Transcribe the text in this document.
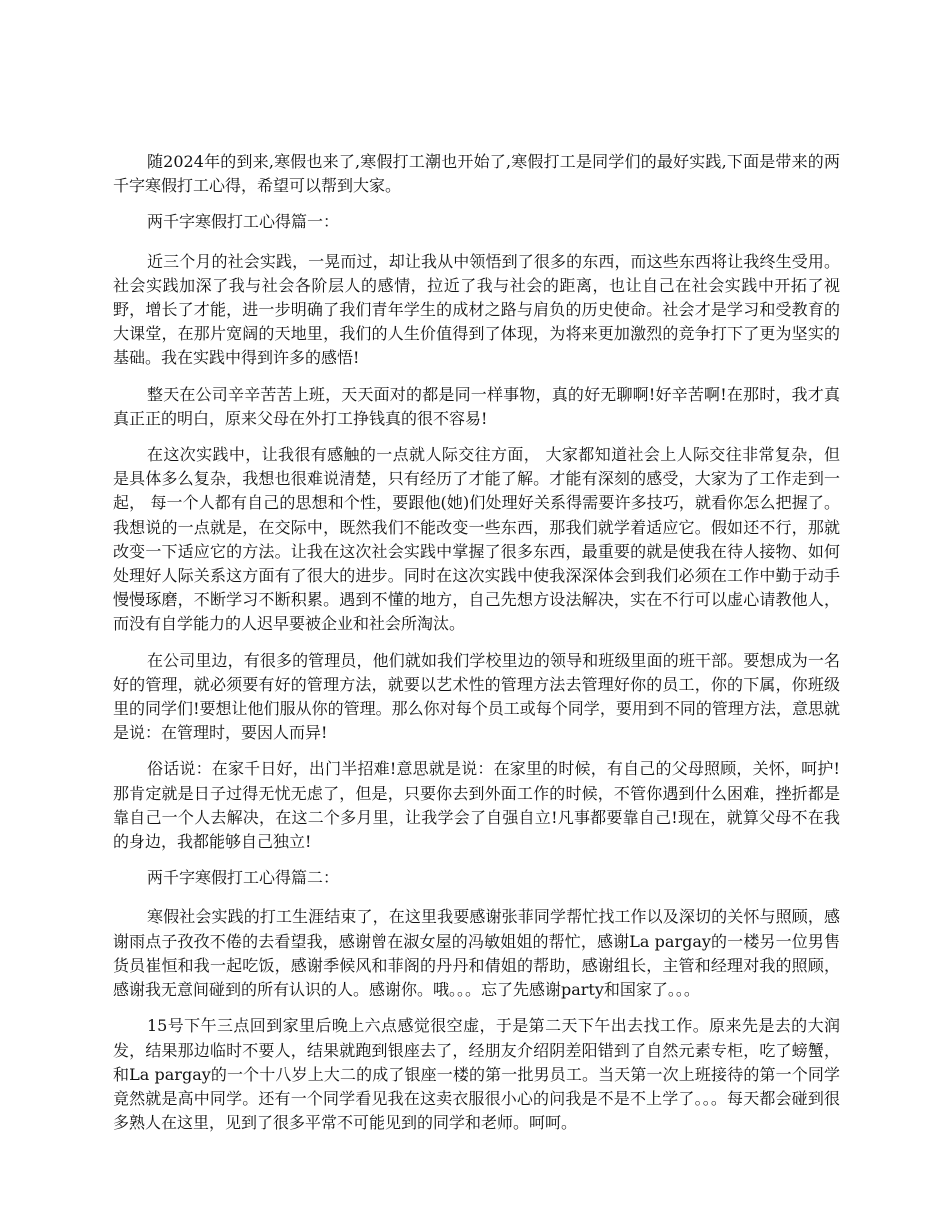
随2024年的到来,寒假也来了,寒假打工潮也开始了,寒假打工是同学们的最好实践,下面是带来的两千字寒假打工心得，希望可以帮到大家。

两千字寒假打工心得篇一：

近三个月的社会实践，一晃而过，却让我从中领悟到了很多的东西，而这些东西将让我终生受用。社会实践加深了我与社会各阶层人的感情，拉近了我与社会的距离，也让自己在社会实践中开拓了视野，增长了才能，进一步明确了我们青年学生的成材之路与肩负的历史使命。社会才是学习和受教育的大课堂，在那片宽阔的天地里，我们的人生价值得到了体现，为将来更加激烈的竞争打下了更为坚实的基础。我在实践中得到许多的感悟!

整天在公司辛辛苦苦上班，天天面对的都是同一样事物，真的好无聊啊!好辛苦啊!在那时，我才真真正正的明白，原来父母在外打工挣钱真的很不容易!

在这次实践中，让我很有感触的一点就人际交往方面， 大家都知道社会上人际交往非常复杂，但是具体多么复杂，我想也很难说清楚，只有经历了才能了解。才能有深刻的感受，大家为了工作走到一起， 每一个人都有自己的思想和个性，要跟他(她)们处理好关系得需要许多技巧，就看你怎么把握了。我想说的一点就是，在交际中，既然我们不能改变一些东西，那我们就学着适应它。假如还不行，那就改变一下适应它的方法。让我在这次社会实践中掌握了很多东西，最重要的就是使我在待人接物、如何处理好人际关系这方面有了很大的进步。同时在这次实践中使我深深体会到我们必须在工作中勤于动手慢慢琢磨，不断学习不断积累。遇到不懂的地方，自己先想方设法解决，实在不行可以虚心请教他人，而没有自学能力的人迟早要被企业和社会所淘汰。

在公司里边，有很多的管理员，他们就如我们学校里边的领导和班级里面的班干部。要想成为一名好的管理，就必须要有好的管理方法，就要以艺术性的管理方法去管理好你的员工，你的下属，你班级里的同学们!要想让他们服从你的管理。那么你对每个员工或每个同学，要用到不同的管理方法，意思就是说：在管理时，要因人而异!

俗话说：在家千日好，出门半招难!意思就是说：在家里的时候，有自己的父母照顾，关怀，呵护!那肯定就是日子过得无忧无虑了，但是，只要你去到外面工作的时候，不管你遇到什么困难，挫折都是靠自己一个人去解决，在这二个多月里，让我学会了自强自立!凡事都要靠自己!现在，就算父母不在我的身边，我都能够自己独立!

两千字寒假打工心得篇二：

寒假社会实践的打工生涯结束了，在这里我要感谢张菲同学帮忙找工作以及深切的关怀与照顾，感谢雨点子孜孜不倦的去看望我，感谢曾在淑女屋的冯敏姐姐的帮忙，感谢La pargay的一楼另一位男售货员崔恒和我一起吃饭，感谢季候风和菲阁的丹丹和倩姐的帮助，感谢组长，主管和经理对我的照顾，感谢我无意间碰到的所有认识的人。感谢你。哦。。。忘了先感谢party和国家了。。。

15号下午三点回到家里后晚上六点感觉很空虚，于是第二天下午出去找工作。原来先是去的大润发，结果那边临时不要人，结果就跑到银座去了，经朋友介绍阴差阳错到了自然元素专柜，吃了螃蟹，和La pargay的一个十八岁上大二的成了银座一楼的第一批男员工。当天第一次上班接待的第一个同学竟然就是高中同学。还有一个同学看见我在这卖衣服很小心的问我是不是不上学了。。。每天都会碰到很多熟人在这里，见到了很多平常不可能见到的同学和老师。呵呵。
